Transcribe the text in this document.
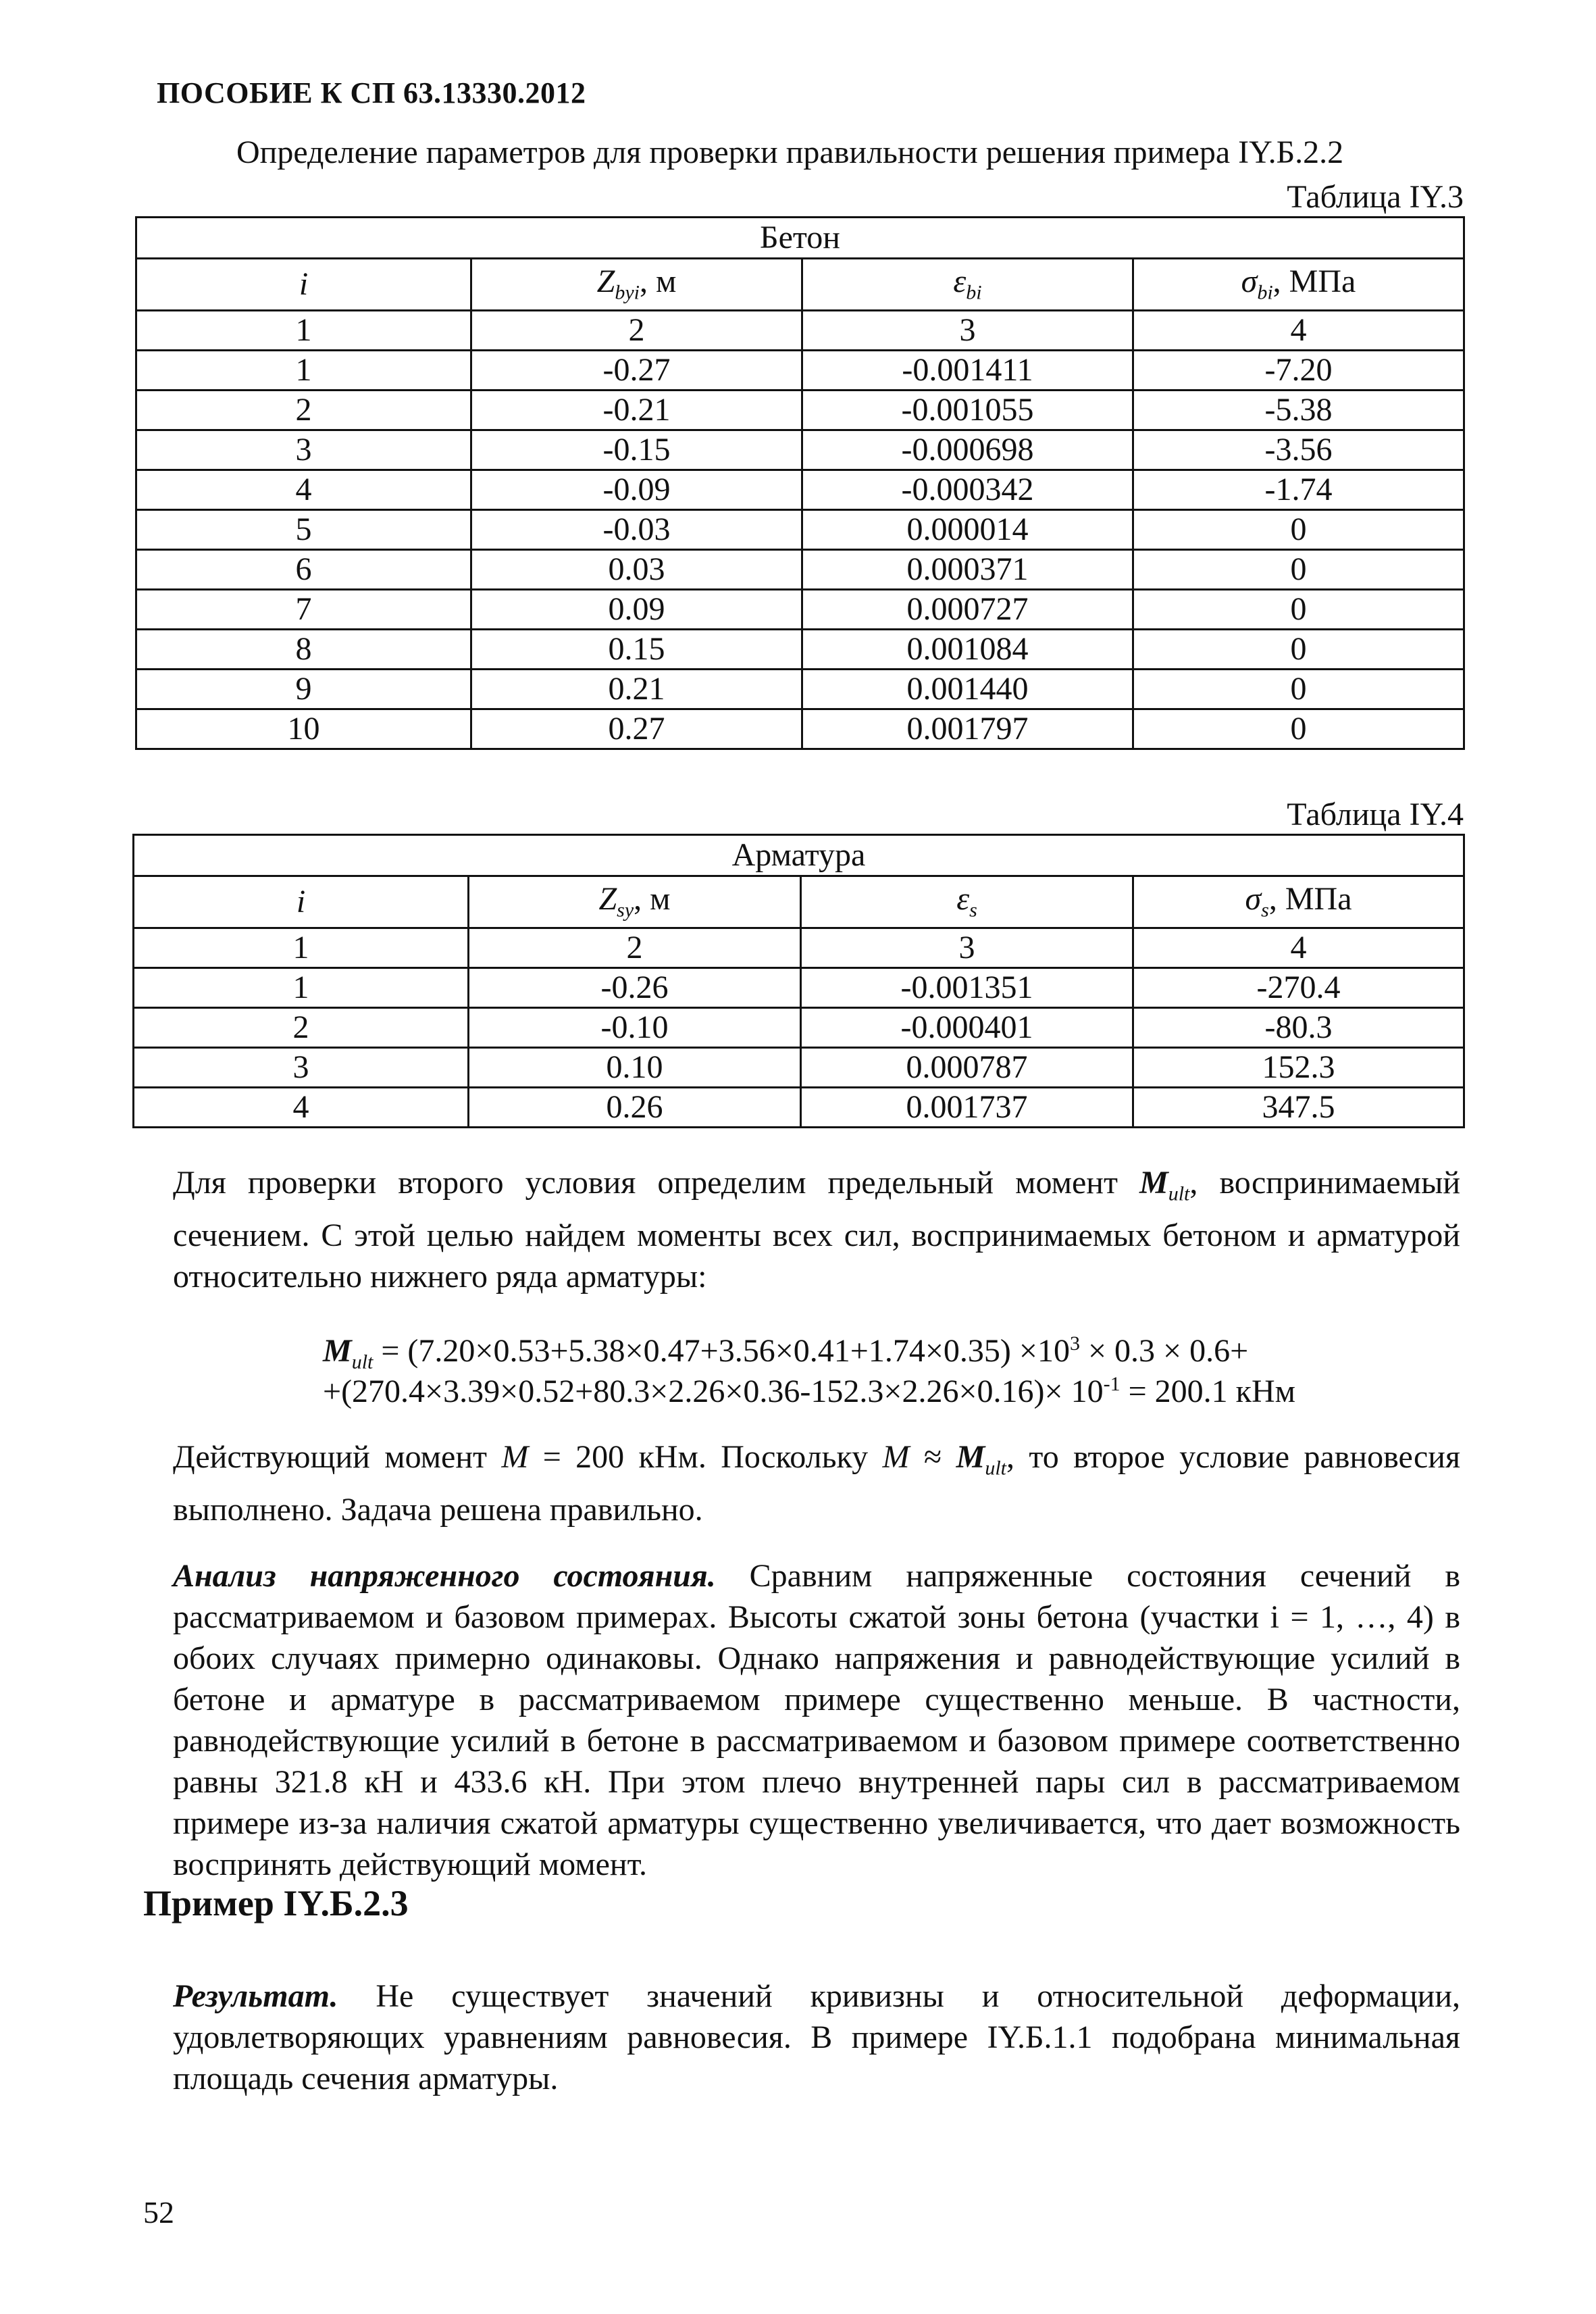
ПОСОБИЕ К СП 63.13330.2012
Определение параметров для проверки правильности решения примера IY.Б.2.2
Таблица IY.3
Бетон			
i	$Z_{byi}$, м	$\varepsilon_{bi}$	$\sigma_{bi}$, МПа
1	2	3	4
1	-0.27	-0.001411	-7.20
2	-0.21	-0.001055	-5.38
3	-0.15	-0.000698	-3.56
4	-0.09	-0.000342	-1.74
5	-0.03	0.000014	0
6	0.03	0.000371	0
7	0.09	0.000727	0
8	0.15	0.001084	0
9	0.21	0.001440	0
10	0.27	0.001797	0
Таблица IY.4
Арматура			
i	$Z_{sy}$, м	$\varepsilon_s$	$\sigma_s$, МПа
1	2	3	4
1	-0.26	-0.001351	-270.4
2	-0.10	-0.000401	-80.3
3	0.10	0.000787	152.3
4	0.26	0.001737	347.5
Для проверки второго условия определим предельный момент $M_{ult}$, воспринимаемый сечением. С этой целью найдем моменты всех сил, воспринимаемых бетоном и арматурой относительно нижнего ряда арматуры:
$M_{ult} = (7.20\times 0.53+5.38\times 0.47+3.56\times 0.41+1.74\times 0.35) \times 10^3 \times 0.3 \times 0.6+$
$+(270.4\times 3.39\times 0.52+80.3\times 2.26\times 0.36-152.3\times 2.26\times 0.16)\times 10^{-1} = 200.1$ кНм
Действующий момент M = 200 кНм. Поскольку $M \approx M_{ult}$, то второе условие равновесия выполнено. Задача решена правильно.
Анализ напряженного состояния. Сравним напряженные состояния сечений в рассматриваемом и базовом примерах. Высоты сжатой зоны бетона (участки i = 1, …, 4) в обоих случаях примерно одинаковы. Однако напряжения и равнодействующие усилий в бетоне и арматуре в рассматриваемом примере существенно меньше. В частности, равнодействующие усилий в бетоне в рассматриваемом и базовом примере соответственно равны 321.8 кН и 433.6 кН. При этом плечо внутренней пары сил в рассматриваемом примере из-за наличия сжатой арматуры существенно увеличивается, что дает возможность воспринять действующий момент.
Пример IY.Б.2.3
Результат. Не существует значений кривизны и относительной деформации, удовлетворяющих уравнениям равновесия. В примере IY.Б.1.1 подобрана минимальная площадь сечения арматуры.
52
